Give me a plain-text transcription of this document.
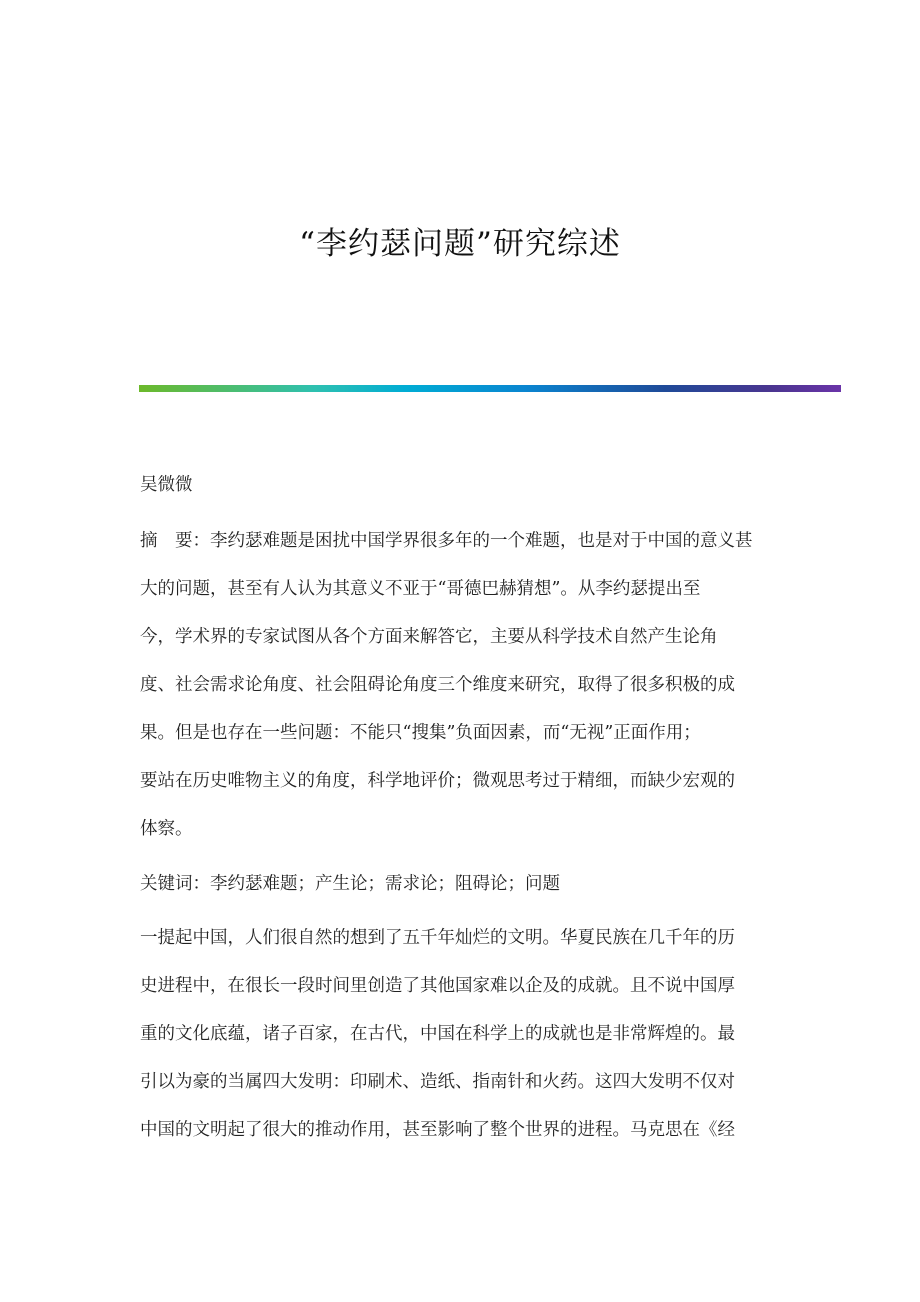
“李约瑟问题”研究综述
吴微微
摘　要：李约瑟难题是困扰中国学界很多年的一个难题，也是对于中国的意义甚
大的问题，甚至有人认为其意义不亚于“哥德巴赫猜想”。从李约瑟提出至
今，学术界的专家试图从各个方面来解答它，主要从科学技术自然产生论角
度、社会需求论角度、社会阻碍论角度三个维度来研究，取得了很多积极的成
果。但是也存在一些问题：不能只“搜集”负面因素，而“无视”正面作用；
要站在历史唯物主义的角度，科学地评价；微观思考过于精细，而缺少宏观的
体察。
关键词：李约瑟难题；产生论；需求论；阻碍论；问题
一提起中国，人们很自然的想到了五千年灿烂的文明。华夏民族在几千年的历
史进程中，在很长一段时间里创造了其他国家难以企及的成就。且不说中国厚
重的文化底蕴，诸子百家，在古代，中国在科学上的成就也是非常辉煌的。最
引以为豪的当属四大发明：印刷术、造纸、指南针和火药。这四大发明不仅对
中国的文明起了很大的推动作用，甚至影响了整个世界的进程。马克思在《经
